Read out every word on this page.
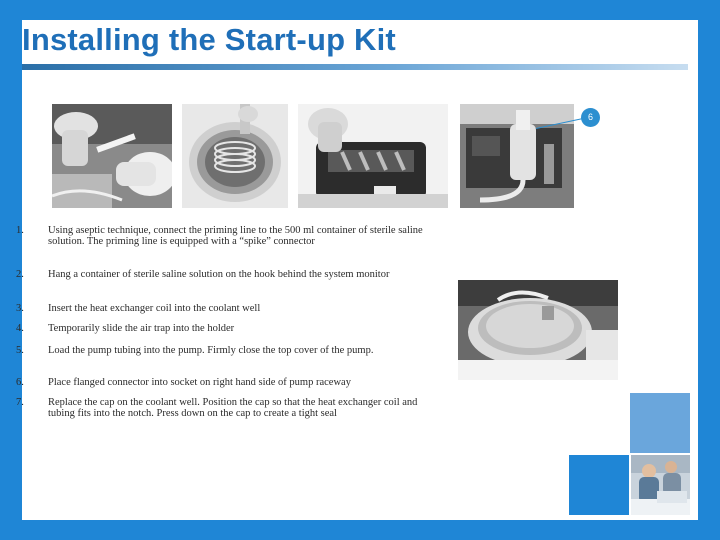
Installing the Start-up Kit
6
1.	Using aseptic technique, connect the priming line to the 500 ml container of sterile saline solution. The priming line is equipped with a “spike” connector
2.	Hang a container of sterile saline solution on the hook behind the system monitor
3.	Insert the heat exchanger coil into the coolant well
4.	Temporarily slide the air trap into the holder
5.	Load the pump tubing into the pump. Firmly close the top cover of the pump.
6.	Place flanged connector into socket on right hand side of pump raceway
7.	Replace the cap on the coolant well. Position the cap so that the heat exchanger coil and tubing fits into the notch. Press down on the cap to create a tight seal
